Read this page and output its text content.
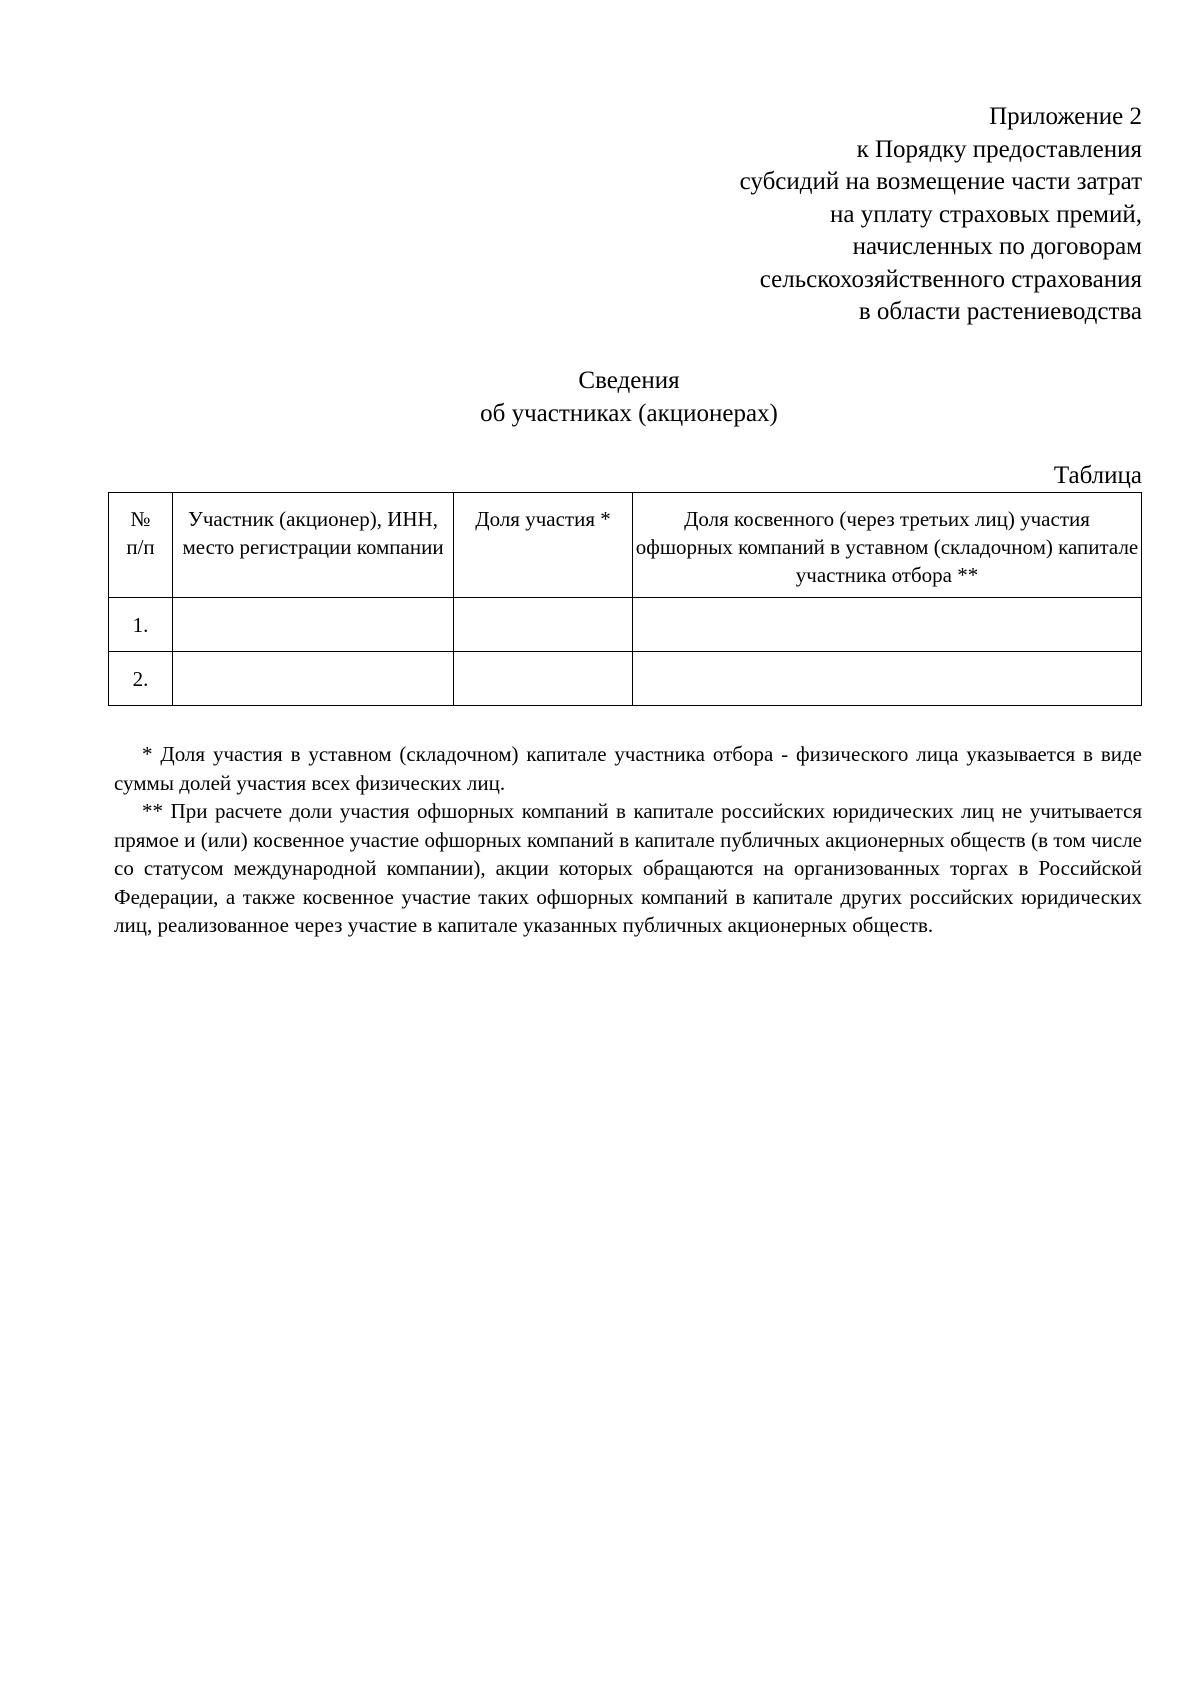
Приложение 2
к Порядку предоставления
субсидий на возмещение части затрат
на уплату страховых премий,
начисленных по договорам
сельскохозяйственного страхования
в области растениеводства
Сведения
об участниках (акционерах)
Таблица
№
п/п	Участник (акционер), ИНН, место регистрации компании	Доля участия *	Доля косвенного (через третьих лиц) участия офшорных компаний в уставном (складочном) капитале участника отбора **
1.			
2.			

* Доля участия в уставном (складочном) капитале участника отбора - физического лица указывается в виде суммы долей участия всех физических лиц.

** При расчете доли участия офшорных компаний в капитале российских юридических лиц не учитывается прямое и (или) косвенное участие офшорных компаний в капитале публичных акционерных обществ (в том числе со статусом международной компании), акции которых обращаются на организованных торгах в Российской Федерации, а также косвенное участие таких офшорных компаний в капитале других российских юридических лиц, реализованное через участие в капитале указанных публичных акционерных обществ.
